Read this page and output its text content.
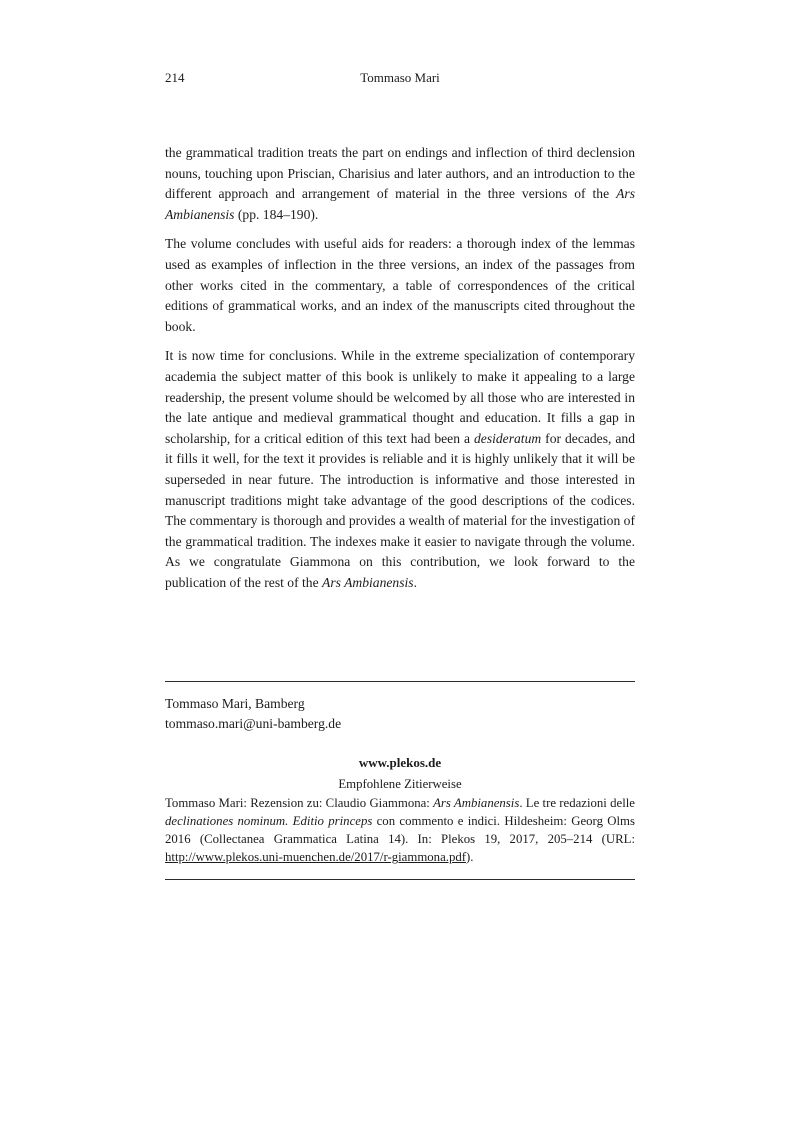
214	Tommaso Mari

the grammatical tradition treats the part on endings and inflection of third declension nouns, touching upon Priscian, Charisius and later authors, and an introduction to the different approach and arrangement of material in the three versions of the Ars Ambianensis (pp. 184–190).

The volume concludes with useful aids for readers: a thorough index of the lemmas used as examples of inflection in the three versions, an index of the passages from other works cited in the commentary, a table of correspondences of the critical editions of grammatical works, and an index of the manuscripts cited throughout the book.

It is now time for conclusions. While in the extreme specialization of contemporary academia the subject matter of this book is unlikely to make it appealing to a large readership, the present volume should be welcomed by all those who are interested in the late antique and medieval grammatical thought and education. It fills a gap in scholarship, for a critical edition of this text had been a desideratum for decades, and it fills it well, for the text it provides is reliable and it is highly unlikely that it will be superseded in near future. The introduction is informative and those interested in manuscript traditions might take advantage of the good descriptions of the codices. The commentary is thorough and provides a wealth of material for the investigation of the grammatical tradition. The indexes make it easier to navigate through the volume. As we congratulate Giammona on this contribution, we look forward to the publication of the rest of the Ars Ambianensis.

Tommaso Mari, Bamberg
tommaso.mari@uni-bamberg.de
www.plekos.de
Empfohlene Zitierweise

Tommaso Mari: Rezension zu: Claudio Giammona: Ars Ambianensis. Le tre redazioni delle declinationes nominum. Editio princeps con commento e indici. Hildesheim: Georg Olms 2016 (Collectanea Grammatica Latina 14). In: Plekos 19, 2017, 205–214 (URL: http://www.plekos.uni-muenchen.de/2017/r-giammona.pdf).
